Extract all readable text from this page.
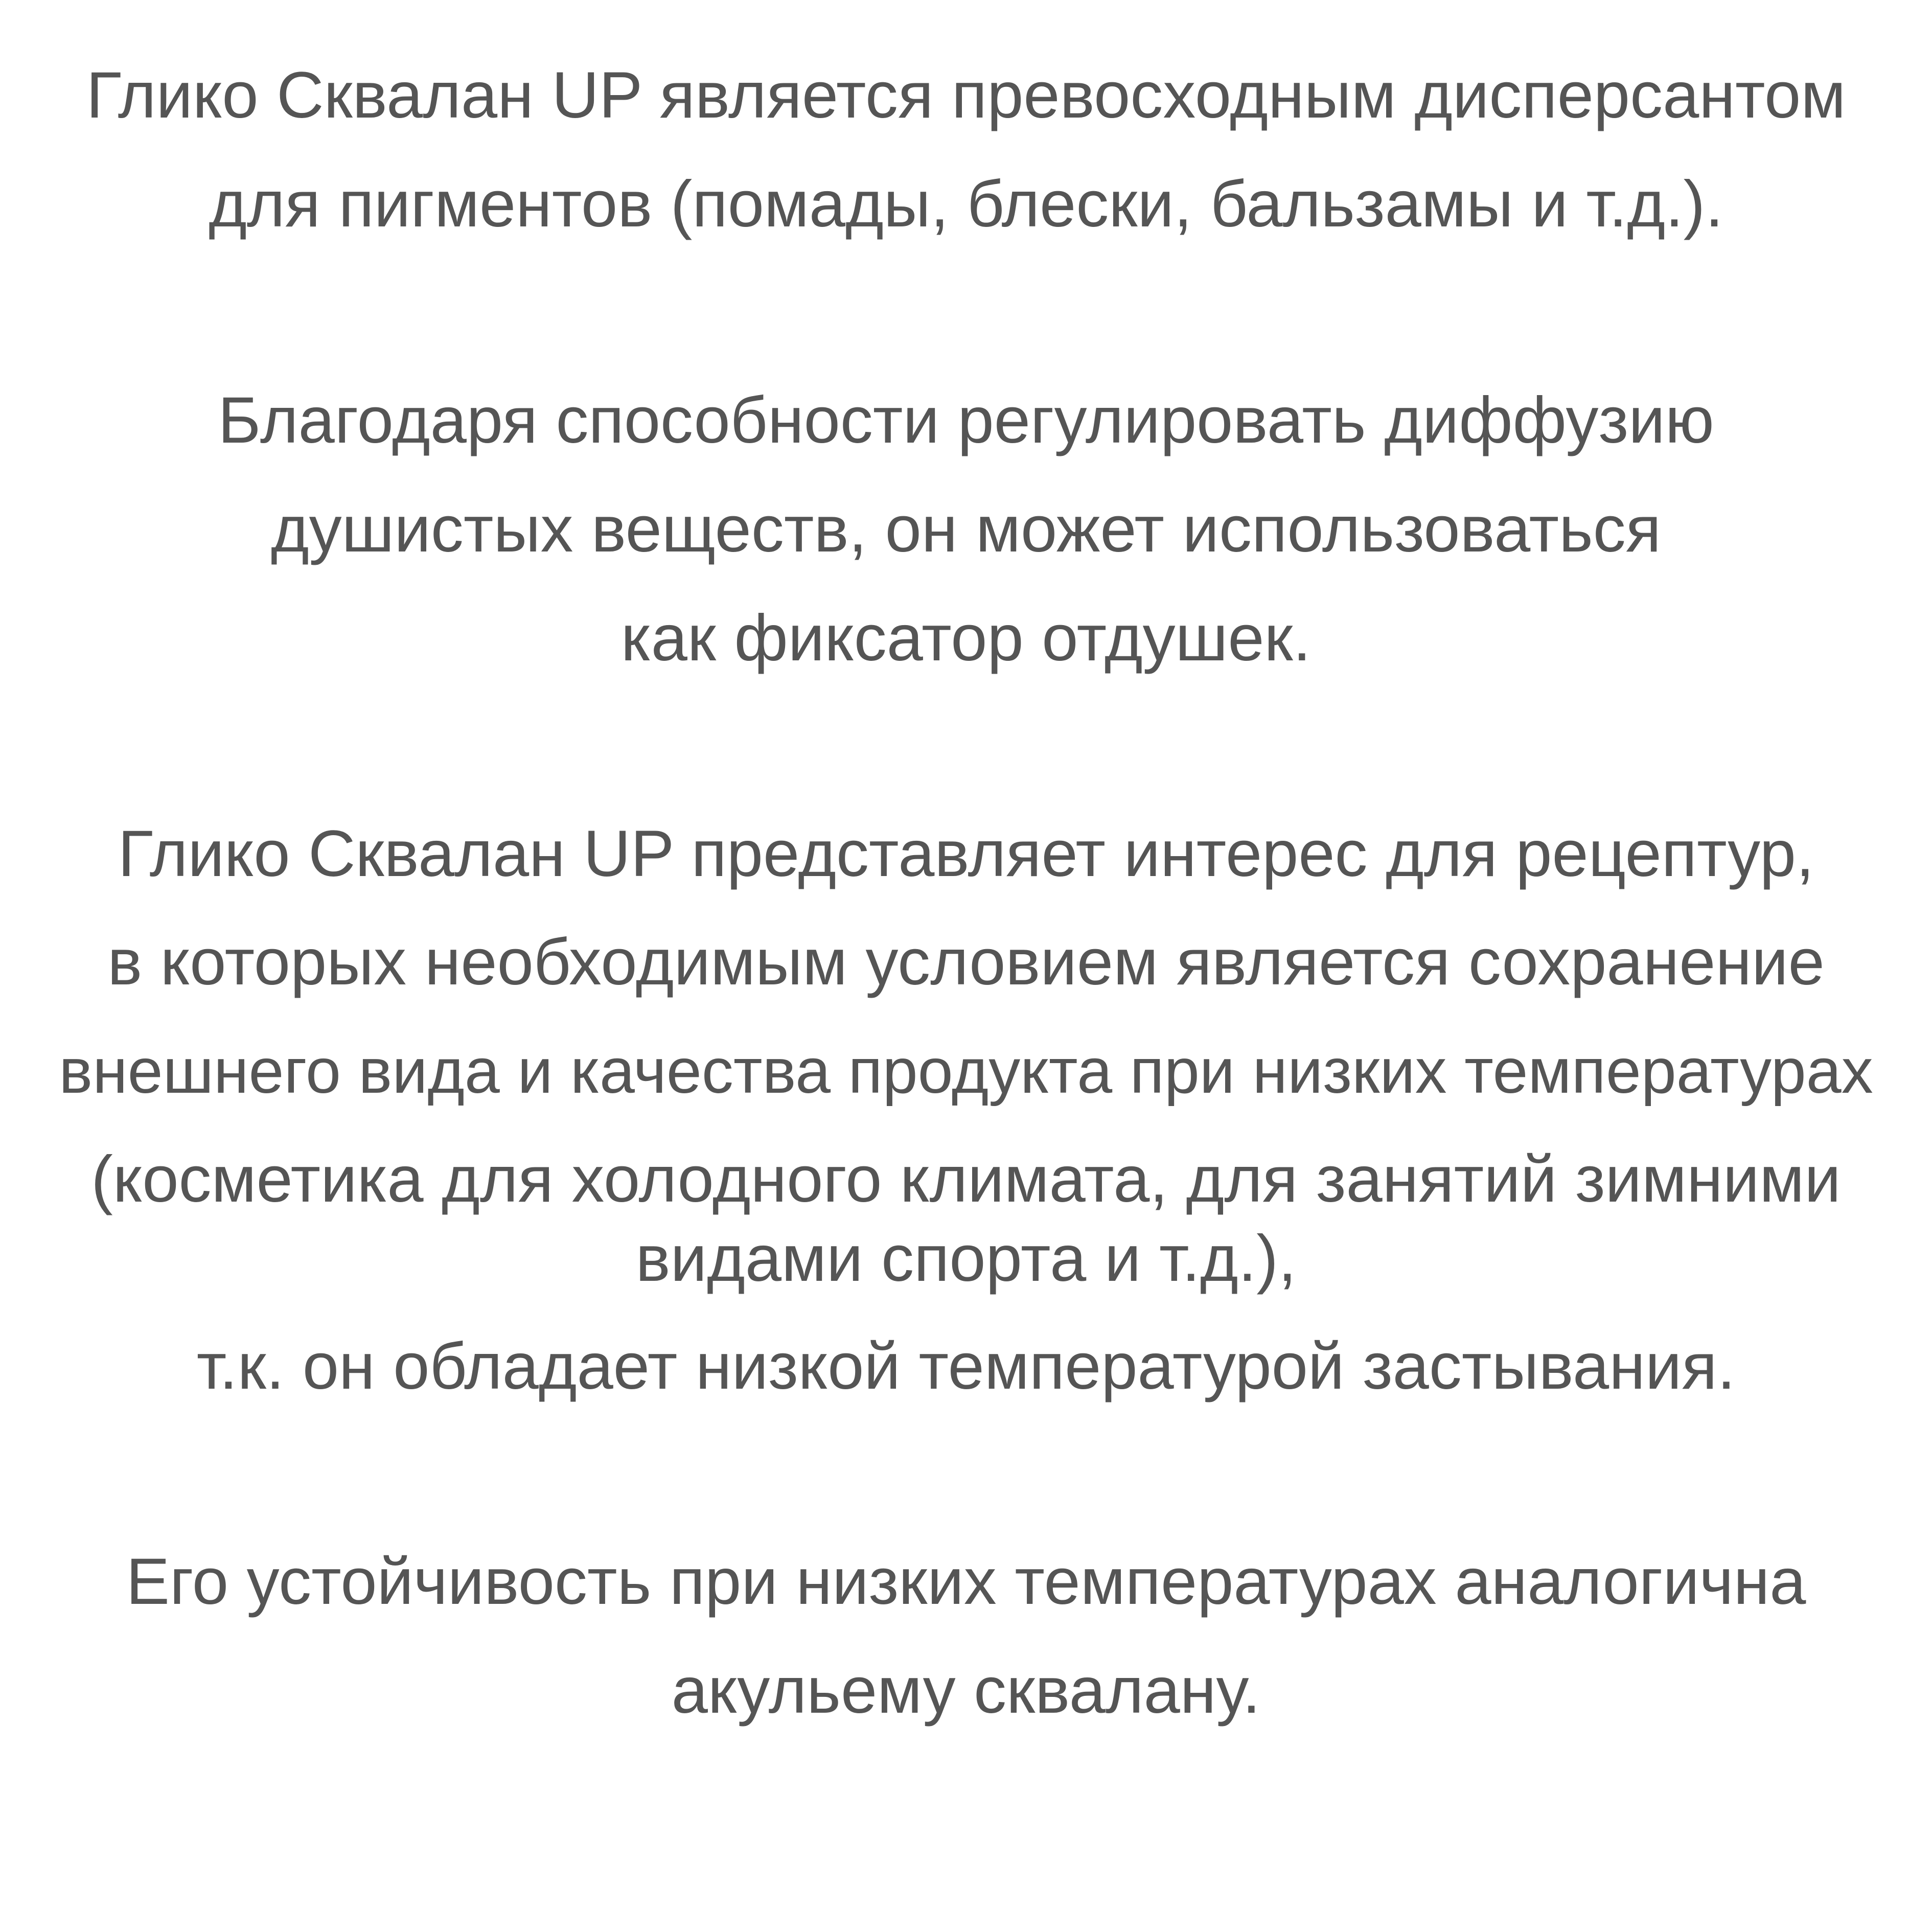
Глико Сквалан UP является превосходным дисперсантом
для пигментов (помады, блески, бальзамы и т.д.).
Благодаря способности регулировать диффузию
душистых веществ, он может использоваться
как фиксатор отдушек.
Глико Сквалан UP представляет интерес для рецептур,
в которых необходимым условием является сохранение
внешнего вида и качества продукта при низких температурах
(косметика для холодного климата, для занятий зимними
видами спорта и т.д.),
т.к. он обладает низкой температурой застывания.
Его устойчивость при низких температурах аналогична
акульему сквалану.
